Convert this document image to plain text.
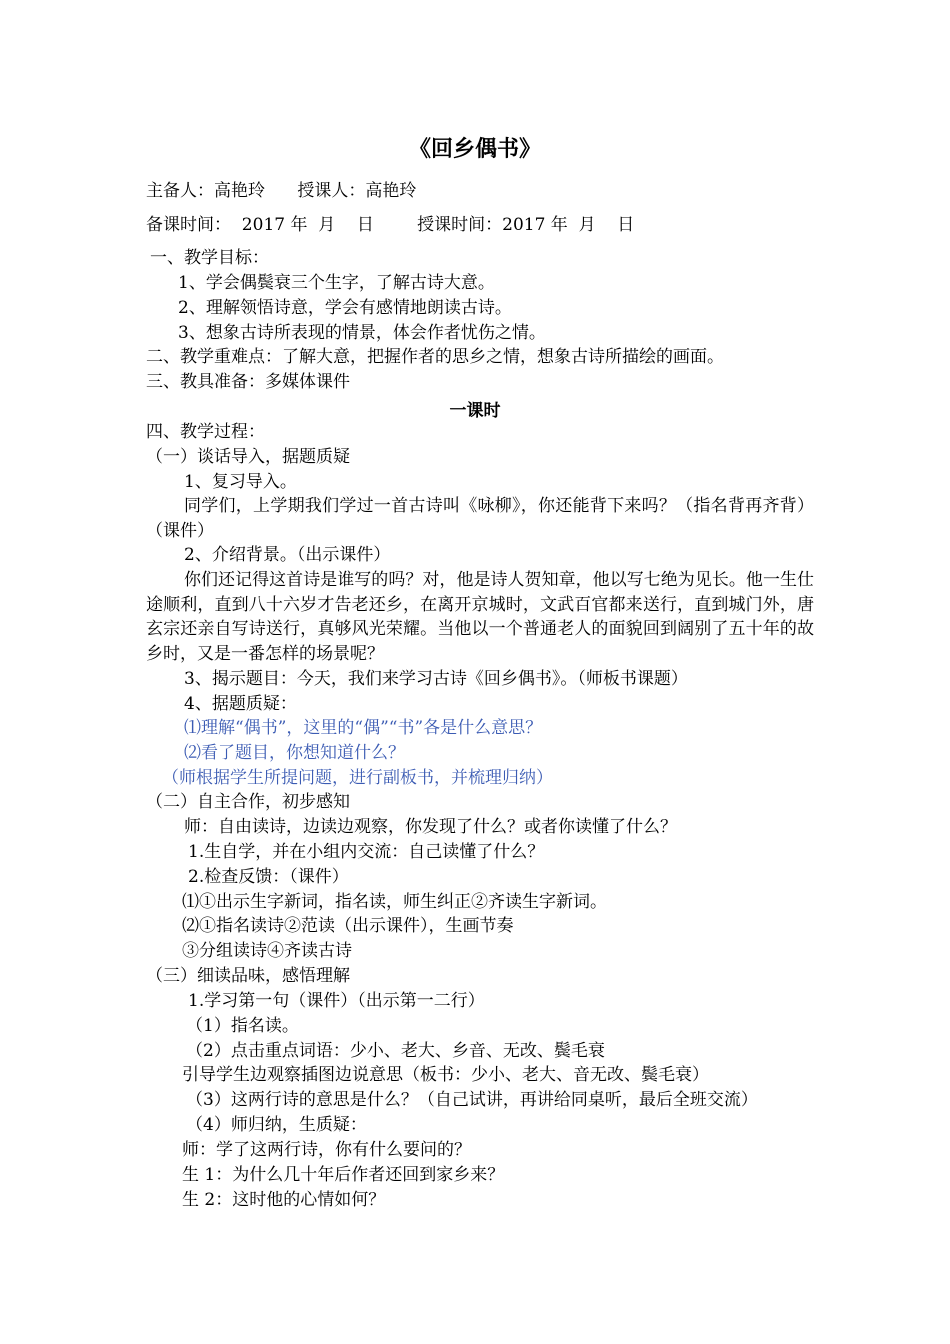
《回乡偶书》
主备人：高艳玲      授课人：高艳玲
备课时间：  2017 年  月    日        授课时间：2017 年  月    日
一、教学目标：
1、学会偶鬓衰三个生字，了解古诗大意。
2、理解领悟诗意，学会有感情地朗读古诗。
3、想象古诗所表现的情景，体会作者忧伤之情。
二、教学重难点：了解大意，把握作者的思乡之情，想象古诗所描绘的画面。
三、教具准备：多媒体课件
一课时
四、教学过程：
（一）谈话导入，据题质疑
1、复习导入。
同学们，上学期我们学过一首古诗叫《咏柳》，你还能背下来吗？（指名背再齐背）（课件）
2、介绍背景。（出示课件）
你们还记得这首诗是谁写的吗？对，他是诗人贺知章，他以写七绝为见长。他一生仕途顺利，直到八十六岁才告老还乡，在离开京城时，文武百官都来送行，直到城门外，唐玄宗还亲自写诗送行，真够风光荣耀。当他以一个普通老人的面貌回到阔别了五十年的故乡时，又是一番怎样的场景呢？
3、揭示题目：今天，我们来学习古诗《回乡偶书》。（师板书课题）
4、据题质疑：
⑴理解“偶书”，这里的“偶”“书”各是什么意思？
⑵看了题目，你想知道什么？
（师根据学生所提问题，进行副板书，并梳理归纳）
（二）自主合作，初步感知
师：自由读诗，边读边观察，你发现了什么？或者你读懂了什么？
1.生自学，并在小组内交流：自己读懂了什么？
2.检查反馈：（课件）
⑴①出示生字新词，指名读，师生纠正②齐读生字新词。
⑵①指名读诗②范读（出示课件），生画节奏
③分组读诗④齐读古诗
（三）细读品味，感悟理解
1.学习第一句（课件）（出示第一二行）
（1）指名读。
（2）点击重点词语：少小、老大、乡音、无改、鬓毛衰
引导学生边观察插图边说意思（板书：少小、老大、音无改、鬓毛衰）
（3）这两行诗的意思是什么？（自己试讲，再讲给同桌听，最后全班交流）
（4）师归纳，生质疑：
师：学了这两行诗，你有什么要问的？
生 1：为什么几十年后作者还回到家乡来？
生 2：这时他的心情如何？
